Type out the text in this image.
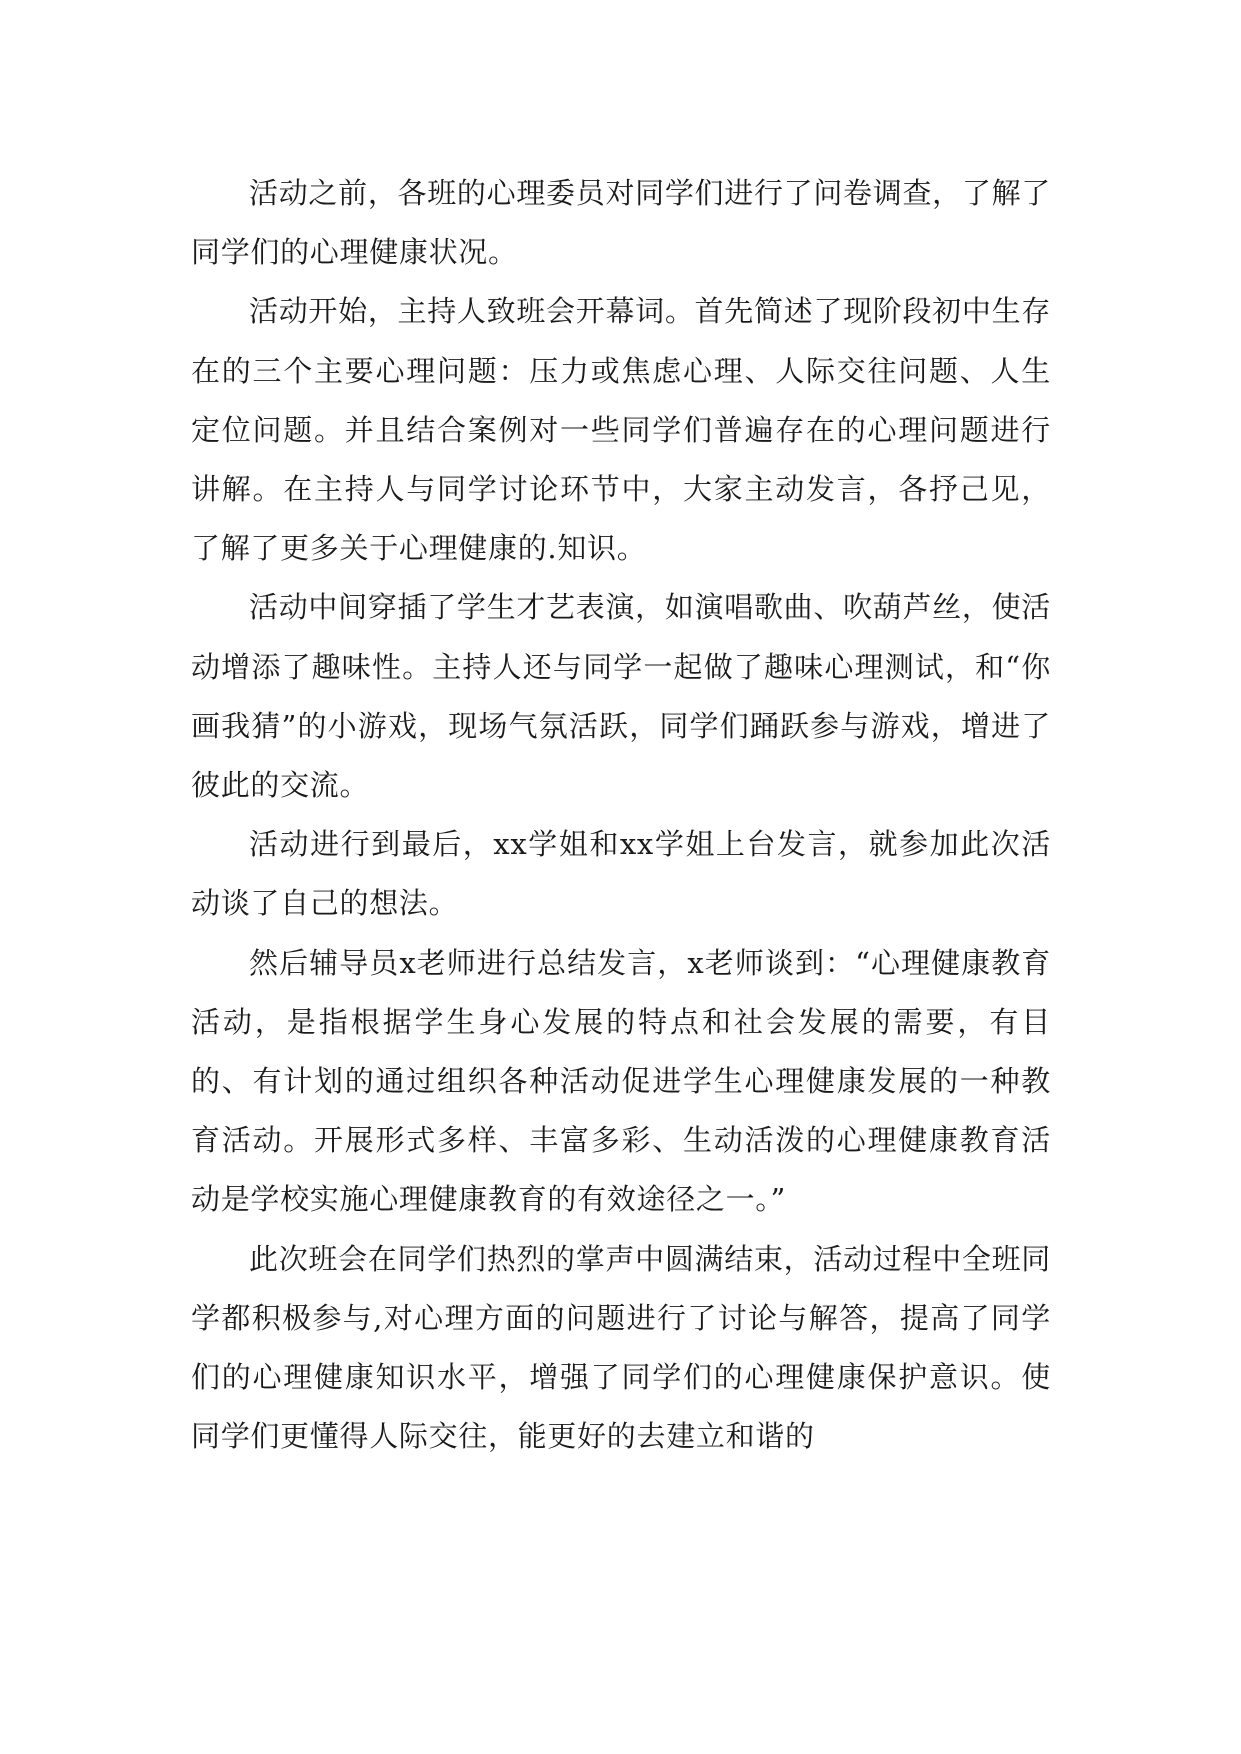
活动之前，各班的心理委员对同学们进行了问卷调查，了解了同学们的心理健康状况。

活动开始，主持人致班会开幕词。首先简述了现阶段初中生存在的三个主要心理问题：压力或焦虑心理、人际交往问题、人生定位问题。并且结合案例对一些同学们普遍存在的心理问题进行讲解。在主持人与同学讨论环节中，大家主动发言，各抒己见，了解了更多关于心理健康的.知识。

活动中间穿插了学生才艺表演，如演唱歌曲、吹葫芦丝，使活动增添了趣味性。主持人还与同学一起做了趣味心理测试，和“你画我猜”的小游戏，现场气氛活跃，同学们踊跃参与游戏，增进了彼此的交流。

活动进行到最后，xx学姐和xx学姐上台发言，就参加此次活动谈了自己的想法。

然后辅导员x老师进行总结发言，x老师谈到：“心理健康教育活动，是指根据学生身心发展的特点和社会发展的需要，有目的、有计划的通过组织各种活动促进学生心理健康发展的一种教育活动。开展形式多样、丰富多彩、生动活泼的心理健康教育活动是学校实施心理健康教育的有效途径之一。”

此次班会在同学们热烈的掌声中圆满结束，活动过程中全班同学都积极参与,对心理方面的问题进行了讨论与解答，提高了同学们的心理健康知识水平，增强了同学们的心理健康保护意识。使同学们更懂得人际交往，能更好的去建立和谐的
